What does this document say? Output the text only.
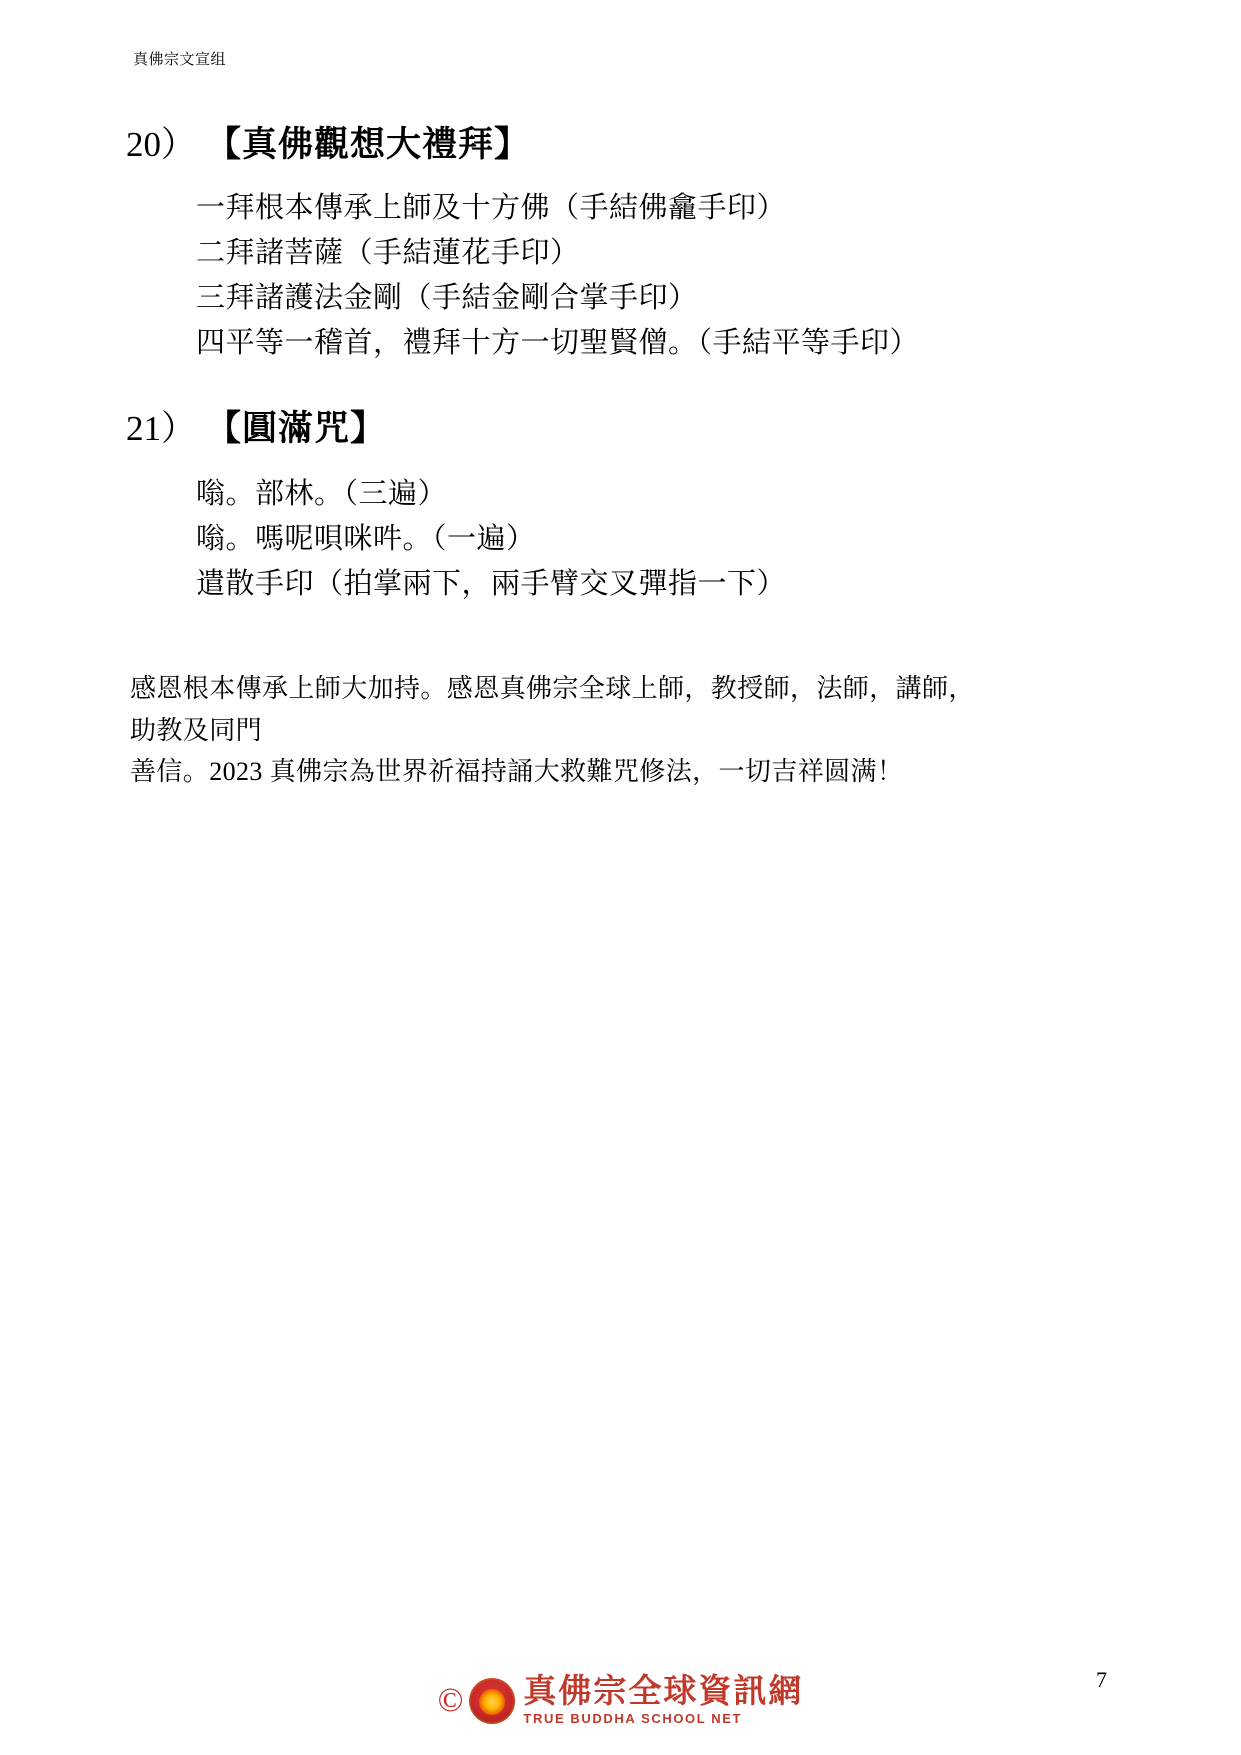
真佛宗文宣组
20） 【真佛觀想大禮拜】
一拜根本傳承上師及十方佛（手結佛龕手印）
二拜諸菩薩（手結蓮花手印）
三拜諸護法金剛（手結金剛合掌手印）
四平等一稽首，禮拜十方一切聖賢僧。（手結平等手印）
21） 【圓滿咒】
嗡。部林。（三遍）
嗡。嗎呢唄咪吽。（一遍）
遣散手印（拍掌兩下，兩手臂交叉彈指一下）
感恩根本傳承上師大加持。感恩真佛宗全球上師，教授師，法師，講師，助教及同門
善信。2023 真佛宗為世界祈福持誦大救難咒修法，一切吉祥圆满！
© 真佛宗全球資訊網
TRUE BUDDHA SCHOOL NET
7
